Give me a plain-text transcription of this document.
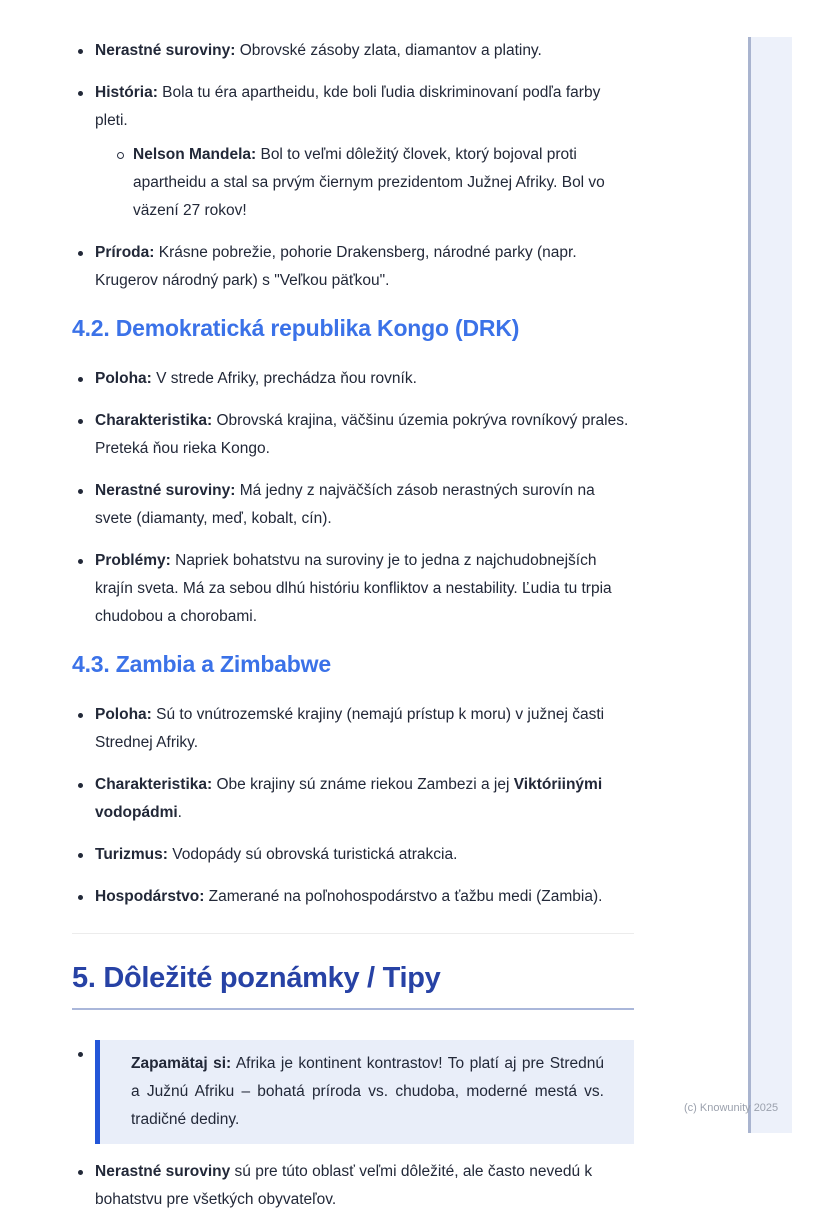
Nerastné suroviny: Obrovské zásoby zlata, diamantov a platiny.
História: Bola tu éra apartheidu, kde boli ľudia diskriminovaní podľa farby pleti.
Nelson Mandela: Bol to veľmi dôležitý človek, ktorý bojoval proti apartheidu a stal sa prvým čiernym prezidentom Južnej Afriky. Bol vo väzení 27 rokov!
Príroda: Krásne pobrežie, pohorie Drakensberg, národné parky (napr. Krugerov národný park) s "Veľkou päťkou".
4.2. Demokratická republika Kongo (DRK)
Poloha: V strede Afriky, prechádza ňou rovník.
Charakteristika: Obrovská krajina, väčšinu územia pokrýva rovníkový prales. Preteká ňou rieka Kongo.
Nerastné suroviny: Má jedny z najväčších zásob nerastných surovín na svete (diamanty, meď, kobalt, cín).
Problémy: Napriek bohatstvu na suroviny je to jedna z najchudobnejších krajín sveta. Má za sebou dlhú históriu konfliktov a nestability. Ľudia tu trpia chudobou a chorobami.
4.3. Zambia a Zimbabwe
Poloha: Sú to vnútrozemské krajiny (nemajú prístup k moru) v južnej časti Strednej Afriky.
Charakteristika: Obe krajiny sú známe riekou Zambezi a jej Viktóriinými vodopádmi.
Turizmus: Vodopády sú obrovská turistická atrakcia.
Hospodárstvo: Zamerané na poľnohospodárstvo a ťažbu medi (Zambia).
5. Dôležité poznámky / Tipy
Zapamätaj si: Afrika je kontinent kontrastov! To platí aj pre Strednú a Južnú Afriku – bohatá príroda vs. chudoba, moderné mestá vs. tradičné dediny.
Nerastné suroviny sú pre túto oblasť veľmi dôležité, ale často nevedú k bohatstvu pre všetkých obyvateľov.
(c) Knowunity 2025
